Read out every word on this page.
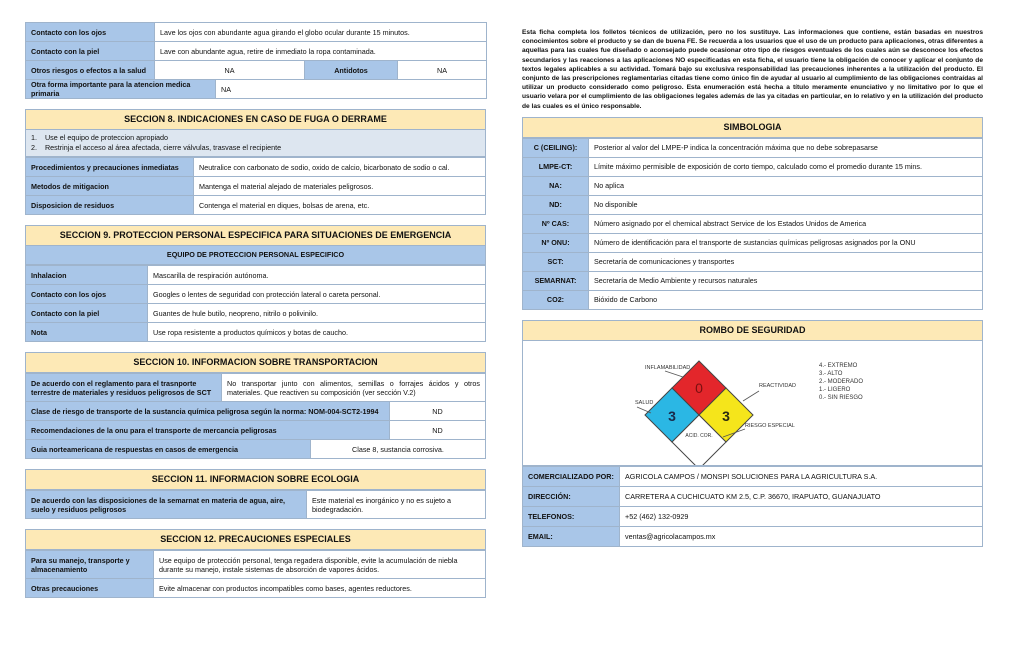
Contacto con los ojos	Lave los ojos con abundante agua girando el globo ocular durante 15 minutos.			
Contacto con la piel	Lave con abundante agua, retire de inmediato la ropa contaminada.			
Otros riesgos o efectos a la salud	NA		Antidotos	NA
Otra forma importante para la atencion medica primaria		NA		
SECCION 8. INDICACIONES EN CASO DE FUGA O DERRAME
1.    Use el equipo de proteccion apropiado
2.    Restrinja el acceso al área afectada, cierre válvulas, trasvase el recipiente
Procedimientos y precauciones inmediatas	Neutralice con carbonato de sodio, oxido de calcio, bicarbonato de sodio o cal.
Metodos de mitigacion	Mantenga el material alejado de materiales peligrosos.
Disposicion de residuos	Contenga el material en diques, bolsas de arena, etc.
SECCION 9. PROTECCION PERSONAL ESPECIFICA PARA SITUACIONES DE EMERGENCIA
EQUIPO DE PROTECCION PERSONAL ESPECIFICO
Inhalacion	Mascarilla de respiración autónoma.
Contacto con los ojos	Googles o lentes de seguridad con protección lateral o careta personal.
Contacto con la piel	Guantes de hule butilo, neopreno, nitrilo o polivinilo.
Nota	Use ropa resistente a productos químicos y botas de caucho.
SECCION 10. INFORMACION SOBRE TRANSPORTACION
De acuerdo con el reglamento para el trasnporte terrestre de materiales y residuos peligrosos de SCT	No transportar junto con alimentos, semillas o forrajes ácidos y otros materiales. Que reactiven su composición (ver sección V.2)		
Clase de riesgo de transporte de la sustancia química peligrosa según la norma: NOM-004-SCT2-1994			ND
Recomendaciones de la onu para el transporte de mercancia peligrosas			ND
Guia norteamericana de respuestas en casos de emergencia		Clase 8, sustancia corrosiva.	
SECCION 11. INFORMACION SOBRE ECOLOGIA
De acuerdo con las disposiciones de la semarnat en materia de agua, aire, suelo y residuos peligrosos	Este material es inorgánico y no es sujeto a biodegradación.
SECCION 12. PRECAUCIONES ESPECIALES
Para su manejo, transporte y almacenamiento	Use equipo de protección personal, tenga regadera disponible, evite la acumulación de niebla durante su manejo, instale sistemas de absorción de vapores ácidos.
Otras precauciones	Evite almacenar con productos incompatibles como bases, agentes reductores.

Esta ficha completa los folletos técnicos de utilización, pero no los sustituye. Las informaciones que contiene, están basadas en nuestros conocimientos sobre el producto y se dan de buena FE. Se recuerda a los usuarios que el uso de un producto para aplicaciones, otras diferentes a aquellas para las cuales fue diseñado o aconsejado puede ocasionar otro tipo de riesgos eventuales de los cuales aún se desconoce los efectos secundarios y las reacciones a las aplicaciones NO especificadas en esta ficha, el usuario tiene la obligación de conocer y aplicar el conjunto de textos legales aplicables a su actividad. Tomará bajo su exclusiva responsabilidad las precauciones inherentes a la utilización del producto. El conjunto de las prescripciones reglamentarias citadas tiene como único fin de ayudar al usuario al cumplimiento de las obligaciones contraídas al utilizar un producto considerado como peligroso. Esta enumeración está hecha a título meramente enunciativo y no limitativo por lo que el usuario velara por el cumplimiento de las obligaciones legales además de las ya citadas en particular, en lo relativo y en la utilización del producto de las cuales es el único responsable.

SIMBOLOGIA
C (CEILING):	Posterior al valor del LMPE-P indica la concentración máxima que no debe sobrepasarse
LMPE-CT:	Límite máximo permisible de exposición de corto tiempo, calculado como el promedio durante 15 mins.
NA:	No aplica
ND:	No disponible
Nº CAS:	Número asignado por el chemical abstract Service de los Estados Unidos de America
Nº ONU:	Número de identificación para el transporte de sustancias químicas peligrosas asignados por la ONU
SCT:	Secretaría de comunicaciones y transportes
SEMARNAT:	Secretaría de Medio Ambiente y recursos naturales
CO2:	Bióxido de Carbono
ROMBO DE SEGURIDAD
0
3	3
ACID. COR.
INFLAMABILIDAD
REACTIVIDAD
SALUD
RIESGO ESPECIAL
4.- EXTREMO
3.- ALTO
2.- MODERADO
1.- LIGERO
0.- SIN RIESGO
COMERCIALIZADO POR:	AGRICOLA CAMPOS / MONSPI SOLUCIONES PARA LA AGRICULTURA S.A.
DIRECCIÓN:	CARRETERA A CUCHICUATO KM 2.5, C.P. 36670, IRAPUATO, GUANAJUATO
TELEFONOS:	+52 (462) 132-0929
EMAIL:	ventas@agricolacampos.mx
